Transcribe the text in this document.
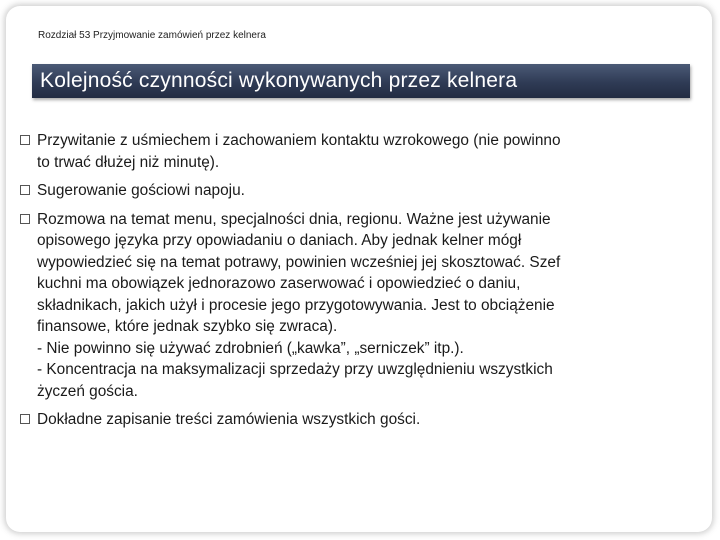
Rozdział 53 Przyjmowanie zamówień przez kelnera
Kolejność czynności wykonywanych przez kelnera
Przywitanie z uśmiechem i zachowaniem kontaktu wzrokowego (nie powinno
to trwać dłużej niż minutę).
Sugerowanie gościowi napoju.
Rozmowa na temat menu, specjalności dnia, regionu. Ważne jest używanie
opisowego języka przy opowiadaniu o daniach. Aby jednak kelner mógł
wypowiedzieć się na temat potrawy, powinien wcześniej jej skosztować. Szef
kuchni ma obowiązek jednorazowo zaserwować i opowiedzieć o daniu,
składnikach, jakich użył i procesie jego przygotowywania. Jest to obciążenie
finansowe, które jednak szybko się zwraca).
- Nie powinno się używać zdrobnień („kawka”, „serniczek” itp.).
- Koncentracja na maksymalizacji sprzedaży przy uwzględnieniu wszystkich
życzeń gościa.
Dokładne zapisanie treści zamówienia wszystkich gości.
